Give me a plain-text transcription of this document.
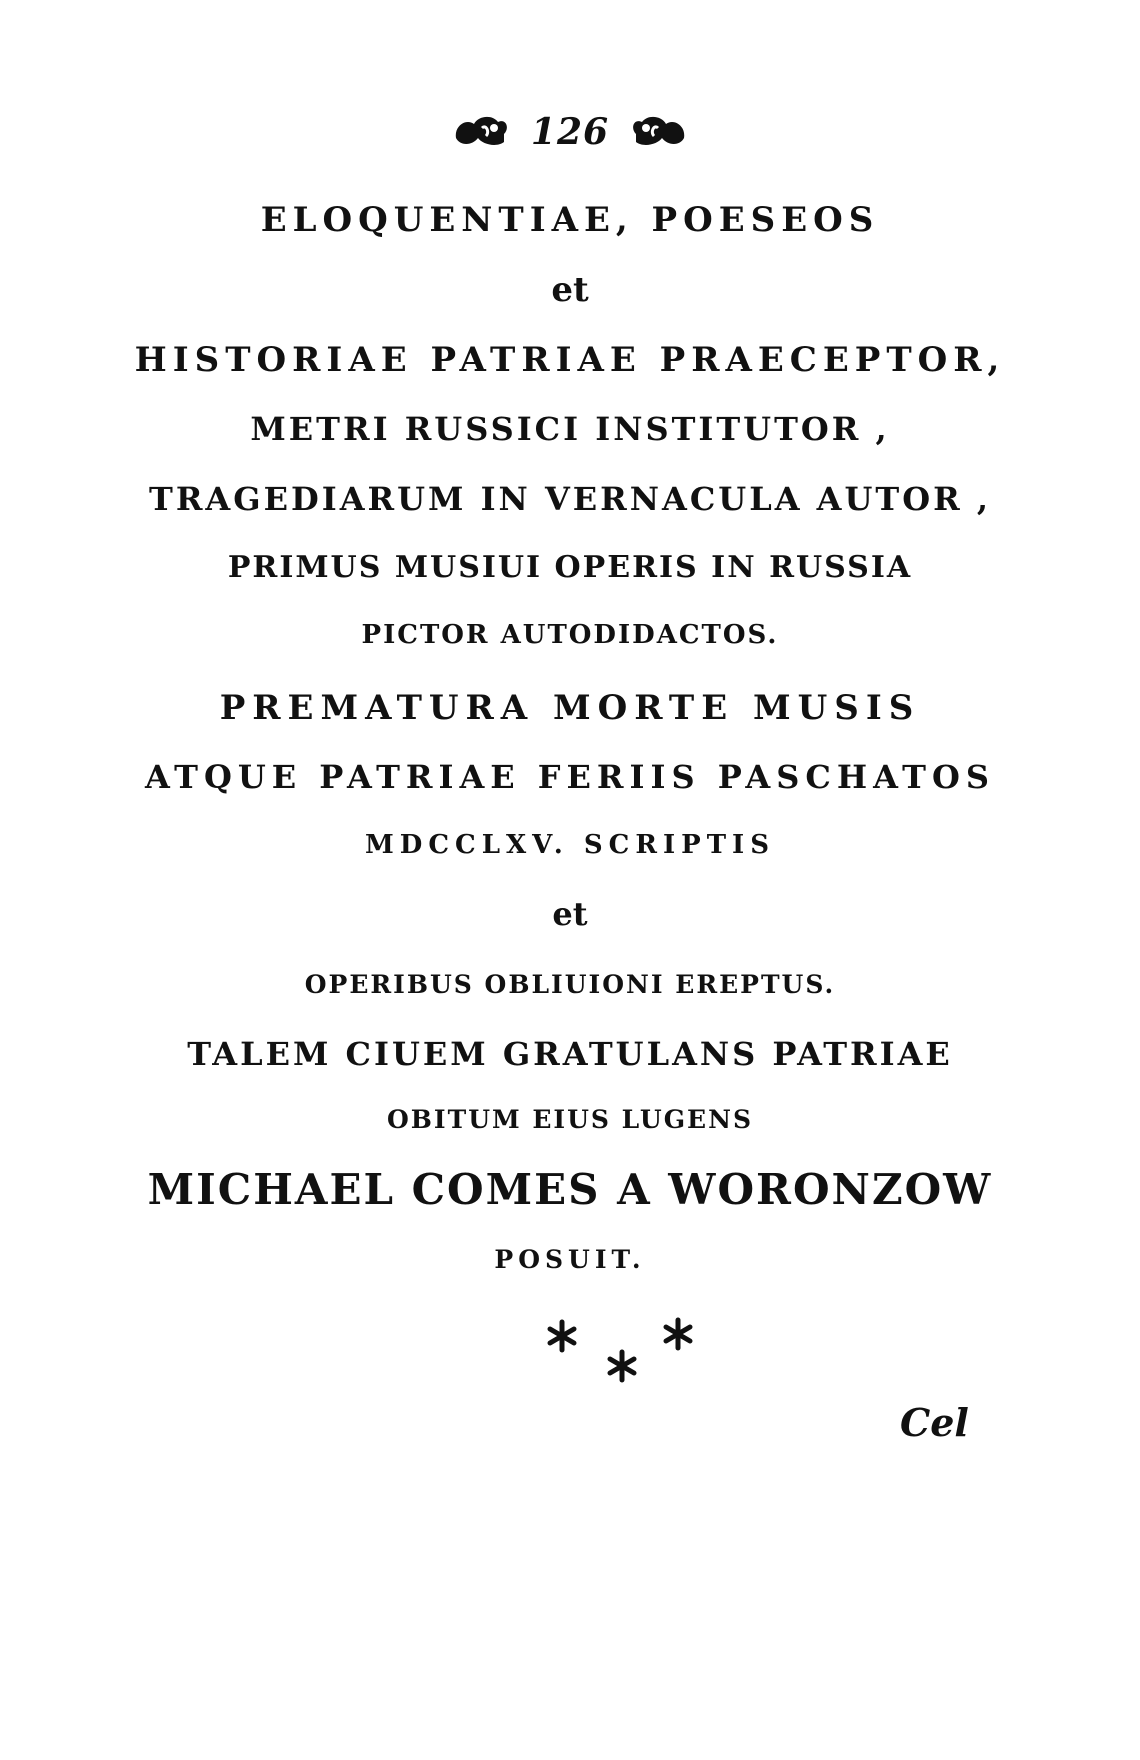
126
ELOQUENTIAE, POESEOS
et
HISTORIAE PATRIAE PRAECEPTOR,
METRI RUSSICI INSTITUTOR ,
TRAGEDIARUM IN VERNACULA AUTOR ,
PRIMUS MUSIUI OPERIS IN RUSSIA
PICTOR AUTODIDACTOS.
PREMATURA MORTE MUSIS
ATQUE PATRIAE FERIIS PASCHATOS
MDCCLXV. SCRIPTIS
et
OPERIBUS OBLIUIONI EREPTUS.
TALEM CIUEM GRATULANS PATRIAE
OBITUM EIUS LUGENS
MICHAEL COMES A WORONZOW
POSUIT.
Cel
